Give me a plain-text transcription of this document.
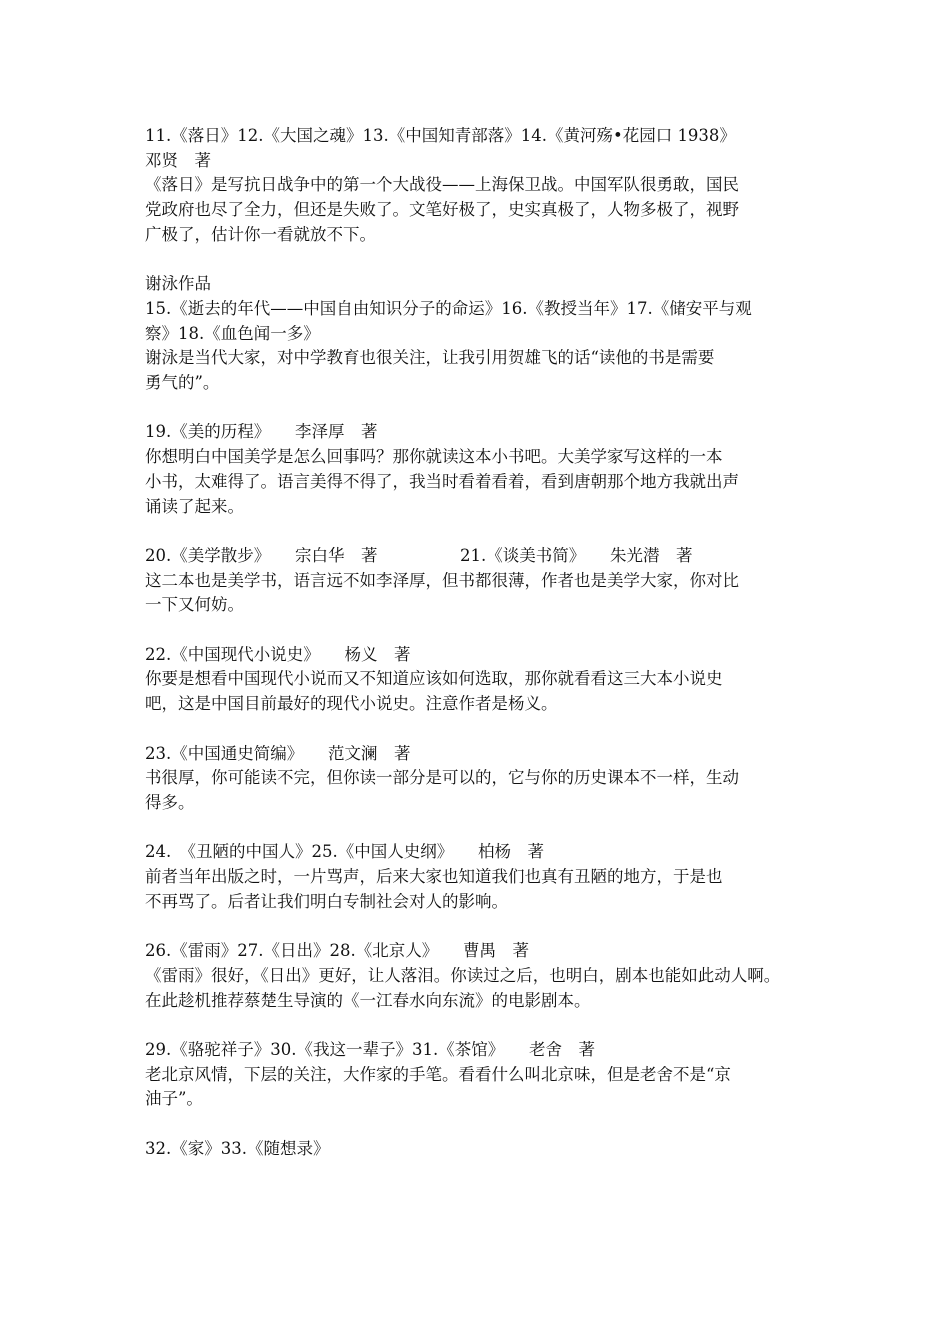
11.《落日》12.《大国之魂》13.《中国知青部落》14.《黄河殇•花园口 1938》

邓贤　著

《落日》是写抗日战争中的第一个大战役——上海保卫战。中国军队很勇敢，国民

党政府也尽了全力，但还是失败了。文笔好极了，史实真极了，人物多极了，视野

广极了，估计你一看就放不下。

谢泳作品

15.《逝去的年代——中国自由知识分子的命运》16.《教授当年》17.《储安平与观

察》18.《血色闻一多》

谢泳是当代大家，对中学教育也很关注，让我引用贺雄飞的话“读他的书是需要

勇气的”。

19.《美的历程》　　李泽厚　著

你想明白中国美学是怎么回事吗？那你就读这本小书吧。大美学家写这样的一本

小书，太难得了。语言美得不得了，我当时看着看着，看到唐朝那个地方我就出声

诵读了起来。

20.《美学散步》　　宗白华　著　　　　　21.《谈美书简》　　朱光潜　著

这二本也是美学书，语言远不如李泽厚，但书都很薄，作者也是美学大家，你对比

一下又何妨。

22.《中国现代小说史》　　杨义　著

你要是想看中国现代小说而又不知道应该如何选取，那你就看看这三大本小说史

吧，这是中国目前最好的现代小说史。注意作者是杨义。

23.《中国通史简编》　　范文澜　著

书很厚，你可能读不完，但你读一部分是可以的，它与你的历史课本不一样，生动

得多。

24.　《丑陋的中国人》25.《中国人史纲》　　柏杨　著

前者当年出版之时，一片骂声，后来大家也知道我们也真有丑陋的地方，于是也

不再骂了。后者让我们明白专制社会对人的影响。

26.《雷雨》27.《日出》28.《北京人》　　曹禺　著

《雷雨》很好，《日出》更好，让人落泪。你读过之后，也明白，剧本也能如此动人啊。

在此趁机推荐蔡楚生导演的《一江春水向东流》的电影剧本。

29.《骆驼祥子》30.《我这一辈子》31.《茶馆》　　老舍　著

老北京风情，下层的关注，大作家的手笔。看看什么叫北京味，但是老舍不是“京

油子”。

32.《家》33.《随想录》
